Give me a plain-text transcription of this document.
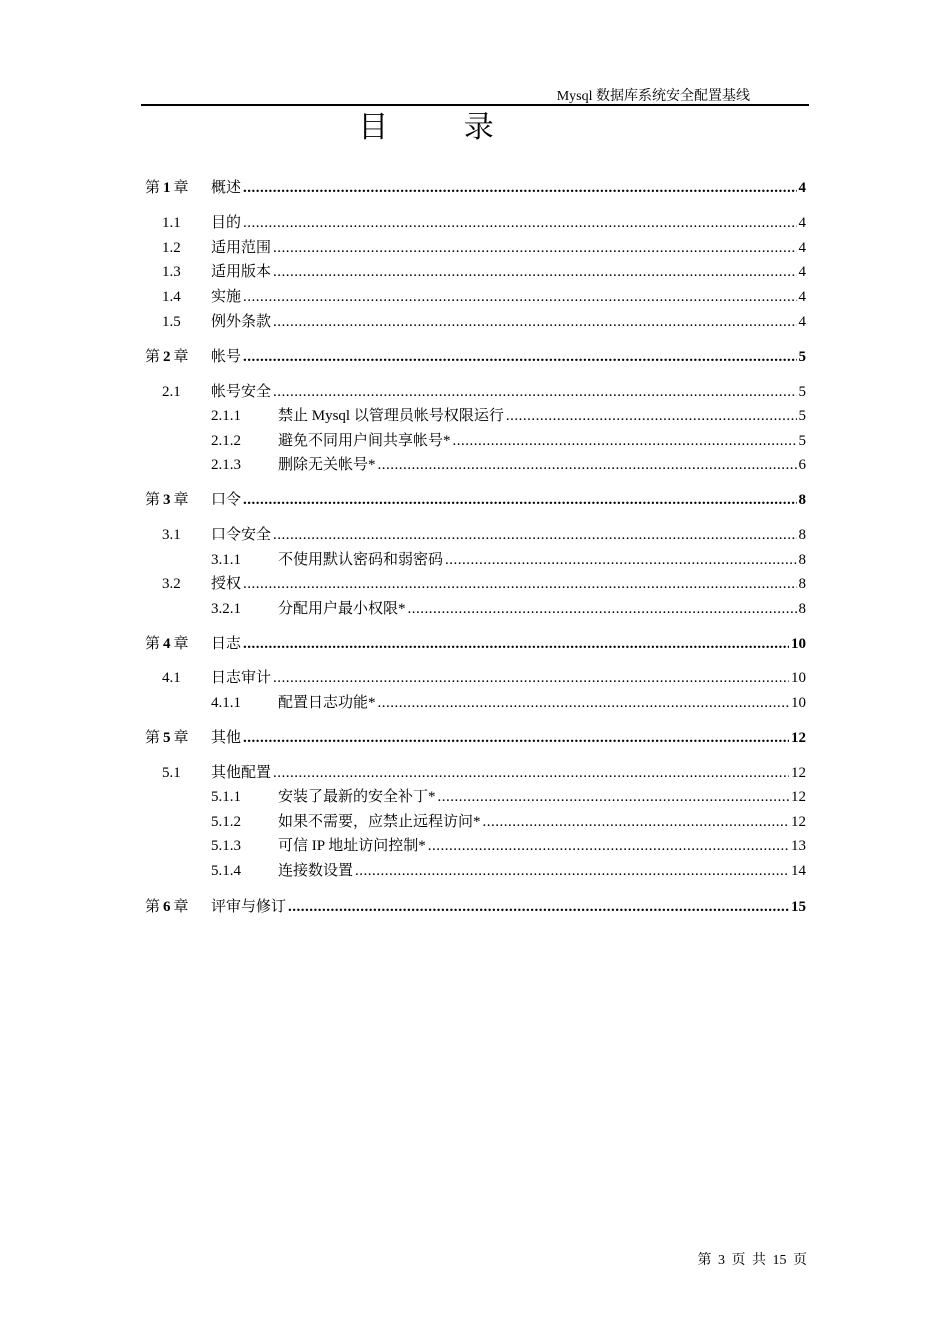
Mysql 数据库系统安全配置基线
目 录
第 1 章 概述 .....	4
1.1 目的 .....	4
1.2 适用范围 .....	4
1.3 适用版本 .....	4
1.4 实施 .....	4
1.5 例外条款 .....	4
第 2 章 帐号 .....	5
2.1 帐号安全 .....	5
2.1.1 禁止 Mysql 以管理员帐号权限运行 .....	5
2.1.2 避免不同用户间共享帐号* .....	5
2.1.3 删除无关帐号* .....	6
第 3 章 口令 .....	8
3.1 口令安全 .....	8
3.1.1 不使用默认密码和弱密码 .....	8
3.2 授权 .....	8
3.2.1 分配用户最小权限* .....	8
第 4 章 日志 .....	10
4.1 日志审计 .....	10
4.1.1 配置日志功能* .....	10
第 5 章 其他 .....	12
5.1 其他配置 .....	12
5.1.1 安装了最新的安全补丁* .....	12
5.1.2 如果不需要，应禁止远程访问* .....	12
5.1.3 可信 IP 地址访问控制* .....	13
5.1.4 连接数设置 .....	14
第 6 章 评审与修订 .....	15
第 3 页 共 15 页
